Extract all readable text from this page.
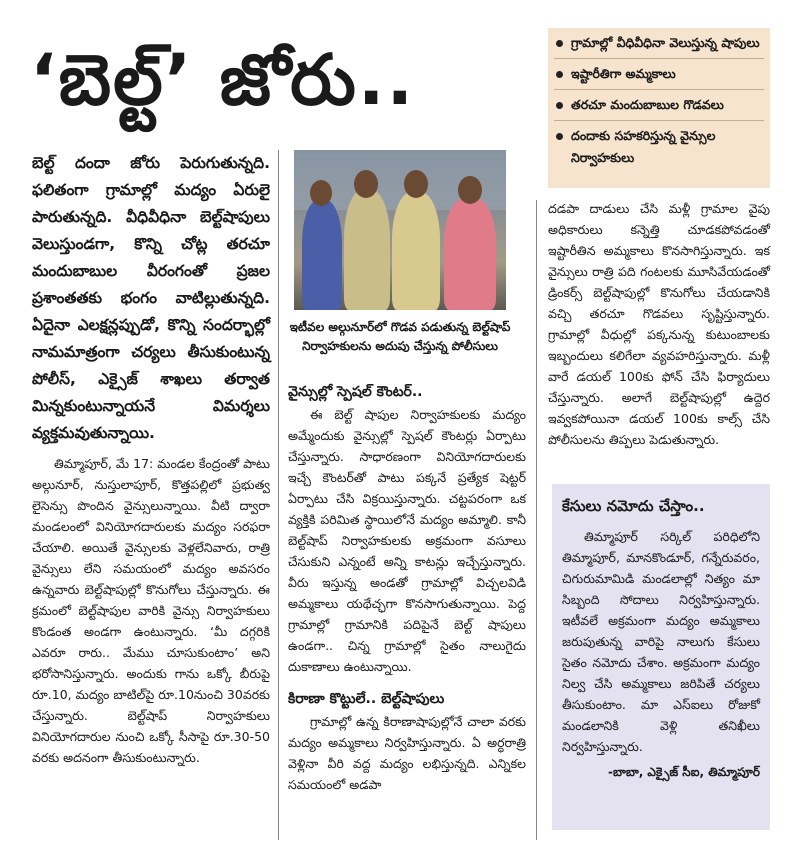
‘బెల్ట్‌’ జోరు..	గ్రామాల్లో వీధివీధినా వెలుస్తున్న షాపులు
ఇష్టారీతిగా అమ్మకాలు
తరచూ మందుబాబుల గొడవలు
దందాకు సహకరిస్తున్న వైన్సుల నిర్వాహకులు

బెల్ట్‌ దందా జోరు పెరుగుతున్నది. ఫలితంగా గ్రామాల్లో మద్యం ఏరులై పారుతున్నది. వీధివీధినా బెల్ట్‌షాపులు వెలుస్తుండగా, కొన్ని చోట్ల తరచూ మందుబాబుల వీరంగంతో ప్రజల ప్రశాంతతకు భంగం వాటిల్లుతున్నది. ఏదైనా ఎలక్షన్లప్పుడో, కొన్ని సందర్భాల్లో నామమాత్రంగా చర్యలు తీసుకుంటున్న పోలీస్‌, ఎక్సైజ్‌ శాఖలు తర్వాత మిన్నకుంటున్నాయనే విమర్శలు వ్యక్తమవుతున్నాయి.

తిమ్మాపూర్‌, మే 17: మండల కేంద్రంతో పాటు అల్గునూర్‌, నుస్తులాపూర్‌, కొత్తపల్లిలో ప్రభుత్వ లైసెన్సు పొందిన వైన్సులున్నాయి. వీటి ద్వారా మండలంలో వినియోగదారులకు మద్యం సరఫరా చేయాలి. అయితే వైన్సులకు వెళ్లలేనివారు, రాత్రి వైన్సులు లేని సమయంలో మద్యం అవసరం ఉన్నవారు బెల్ట్‌షాపుల్లో కొనుగోలు చేస్తున్నారు. ఈ క్రమంలో బెల్ట్‌షాపుల వారికి వైన్సు నిర్వాహకులు కొండంత అండగా ఉంటున్నారు. ‘మీ దగ్గరికి ఎవరూ రారు.. మేము చూసుకుంటాం’ అని భరోసానిస్తున్నారు. అందుకు గాను ఒక్కో బీరుపై రూ.10, మద్యం బాటిల్‌పై రూ.10నుంచి 30వరకు చేస్తున్నారు. బెల్ట్‌షాప్‌ నిర్వాహకులు వినియోగదారుల నుంచి ఒక్కో సీసాపై రూ.30-50 వరకు అదనంగా తీసుకుంటున్నారు.

ఇటీవల అల్గునూర్‌లో గొడవ పడుతున్న బెల్ట్‌షాప్‌ నిర్వాహకులను అదుపు చేస్తున్న పోలీసులు

వైన్సుల్లో స్పెషల్‌ కౌంటర్‌..

ఈ బెల్ట్‌ షాపుల నిర్వాహకులకు మద్యం అమ్మేందుకు వైన్సుల్లో స్పెషల్‌ కౌంటర్లు ఏర్పాటు చేస్తున్నారు. సాధారణంగా వినియోగదారులకు ఇచ్చే కౌంటర్‌తో పాటు పక్కనే ప్రత్యేక షెట్టర్‌ ఏర్పాటు చేసి విక్రయిస్తున్నారు. చట్టపరంగా ఒక వ్యక్తికి పరిమిత స్థాయిలోనే మద్యం అమ్మాలి. కానీ బెల్ట్‌షాప్‌ నిర్వాహకులకు అక్రమంగా వసూలు చేసుకుని ఎన్నంటే అన్ని కాటన్లు ఇచ్చేస్తున్నారు. వీరు ఇస్తున్న అండతో గ్రామాల్లో విచ్చలవిడి అమ్మకాలు యథేచ్ఛగా కొనసాగుతున్నాయి. పెద్ద గ్రామాల్లో గ్రామానికి పదిపైనే బెల్ట్‌ షాపులు ఉండగా.. చిన్న గ్రామాల్లో సైతం నాలుగైదు దుకాణాలు ఉంటున్నాయి.

కిరాణా కొట్టులే.. బెల్ట్‌షాపులు

గ్రామాల్లో ఉన్న కిరాణాషాపుల్లోనే చాలా వరకు మద్యం అమ్మకాలు నిర్వహిస్తున్నారు. ఏ అర్ధరాత్రి వెళ్లినా వీరి వద్ద మద్యం లభిస్తున్నది. ఎన్నికల సమయంలో అడపా

దడపా దాడులు చేసి మళ్లీ గ్రామాల వైపు అధికారులు కన్నెత్తి చూడకపోవడంతో ఇష్టారీతిన అమ్మకాలు కొనసాగిస్తున్నారు. ఇక వైన్సులు రాత్రి పది గంటలకు మూసివేయడంతో డ్రింకర్స్‌ బెల్ట్‌షాపుల్లో కొనుగోలు చేయడానికి వచ్చి తరచూ గొడవలు సృష్టిస్తున్నారు. గ్రామాల్లో వీధుల్లో పక్కనున్న కుటుంబాలకు ఇబ్బందులు కలిగేలా వ్యవహరిస్తున్నారు. మళ్లీ వారే డయల్‌ 100కు ఫోన్‌ చేసి ఫిర్యాదులు చేస్తున్నారు. అలాగే బెల్ట్‌షాపుల్లో ఉద్దెర ఇవ్వకపోయినా డయల్‌ 100కు కాల్స్‌ చేసి పోలీసులను తిప్పలు పెడుతున్నారు.

కేసులు నమోదు చేస్తాం..

తిమ్మాపూర్‌ సర్కిల్‌ పరిధిలోని తిమ్మాపూర్‌, మానకొండూర్‌, గన్నేరువరం, చిగురుమామిడి మండలాల్లో నిత్యం మా సిబ్బంది సోదాలు నిర్వహిస్తున్నారు. ఇటీవలే అక్రమంగా మద్యం అమ్మకాలు జరుపుతున్న వారిపై నాలుగు కేసులు సైతం నమోదు చేశాం. అక్రమంగా మద్యం నిల్వ చేసి అమ్మకాలు జరిపితే చర్యలు తీసుకుంటాం. మా ఎస్‌ఐలు రోజుకో మండలానికి వెళ్లి తనిఖీలు నిర్వహిస్తున్నారు.

-బాబా, ఎక్సైజ్‌ సీఐ, తిమ్మాపూర్‌
